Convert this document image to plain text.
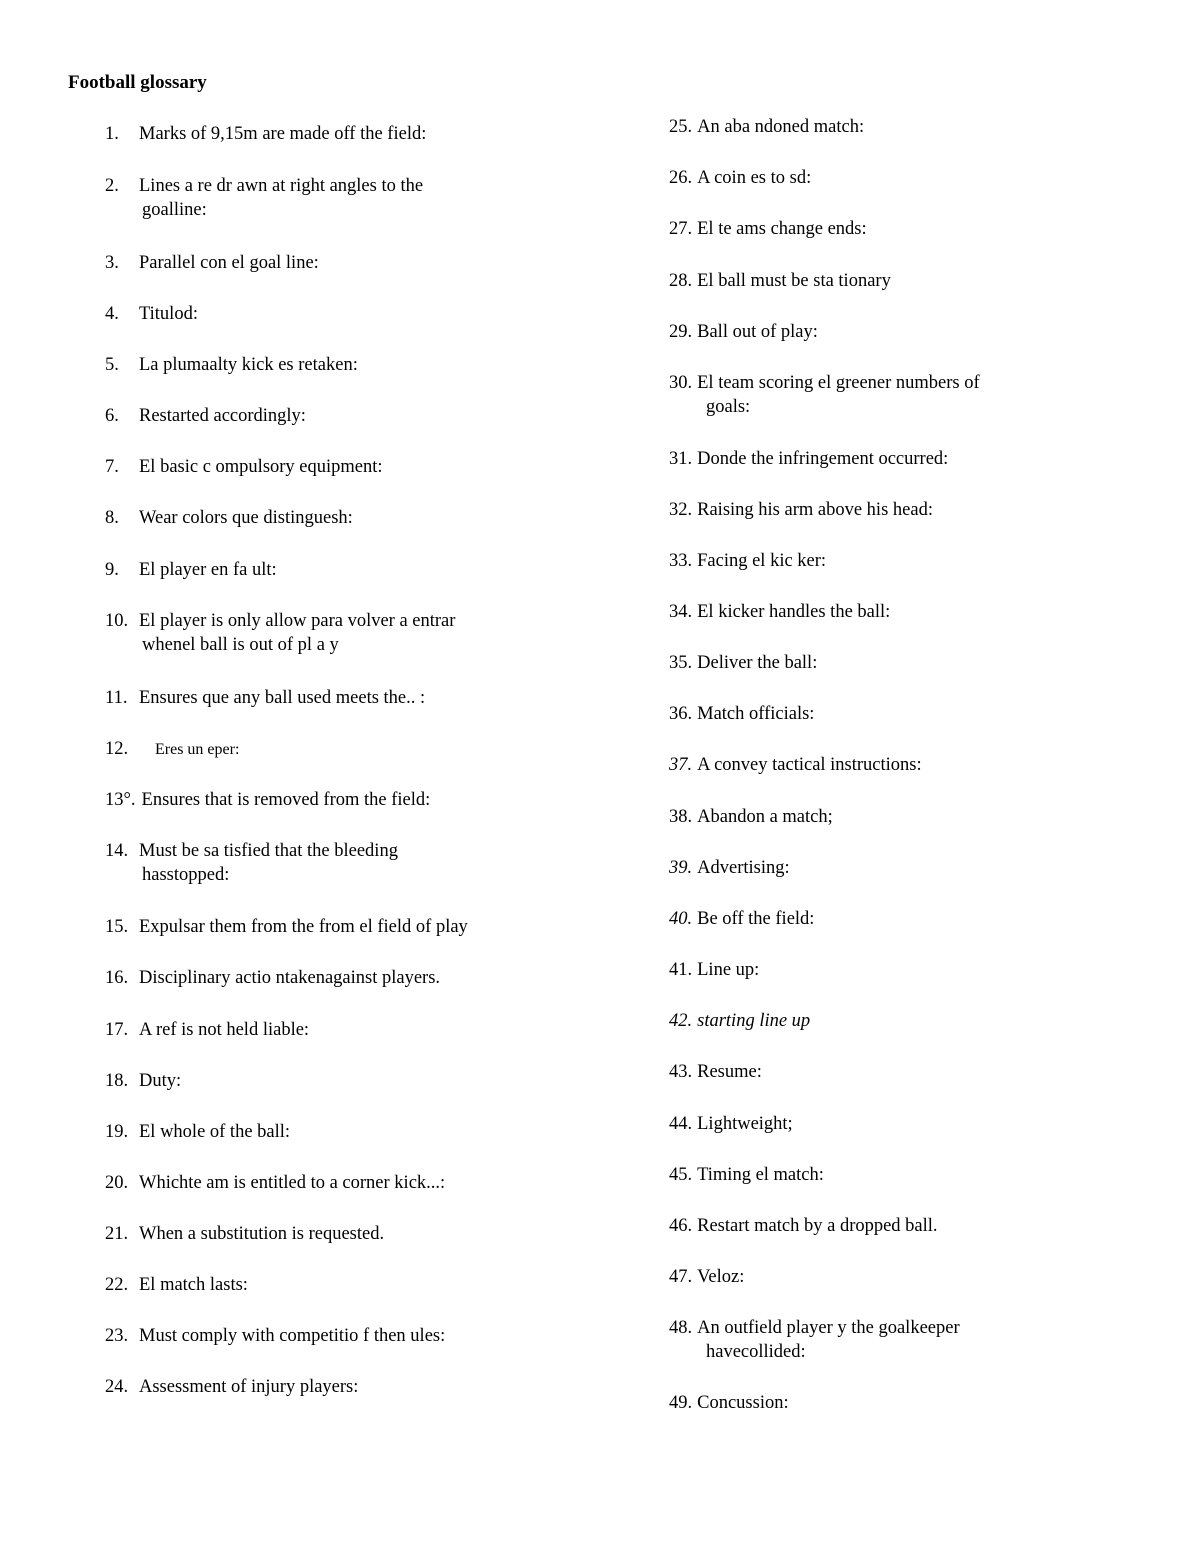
Football glossary
1. Marks of 9,15m are made off the field:
2. Lines a re dr awn at right angles to the
goalline:
3. Parallel con el goal line:
4. Titulod:
5. La plumaalty kick es retaken:
6. Restarted accordingly:
7. El basic c ompulsory equipment:
8. Wear colors que distinguesh:
9. El player en fa ult:
10. El player is only allow para volver a entrar
whenel ball is out of pl a y
11. Ensures que any ball used meets the.. :
12. Eres un eper:
13°. Ensures that is removed from the field:
14. Must be sa tisfied that the bleeding
hasstopped:
15. Expulsar them from the from el field of play
16. Disciplinary actio ntakenagainst players.
17. A ref is not held liable:
18. Duty:
19. El whole of the ball:
20. Whichte am is entitled to a corner kick...:
21. When a substitution is requested.
22. El match lasts:
23. Must comply with competitio f then ules:
24. Assessment of injury players:
25. An aba ndoned match:
26. A coin es to sd:
27. El te ams change ends:
28. El ball must be sta tionary
29. Ball out of play:
30. El team scoring el greener numbers of
goals:
31. Donde the infringement occurred:
32. Raising his arm above his head:
33. Facing el kic ker:
34. El kicker handles the ball:
35. Deliver the ball:
36. Match officials:
37. A convey tactical instructions:
38. Abandon a match;
39. Advertising:
40. Be off the field:
41. Line up:
42. starting line up
43. Resume:
44. Lightweight;
45. Timing el match:
46. Restart match by a dropped ball.
47. Veloz:
48. An outfield player y the goalkeeper
havecollided:
49. Concussion:
